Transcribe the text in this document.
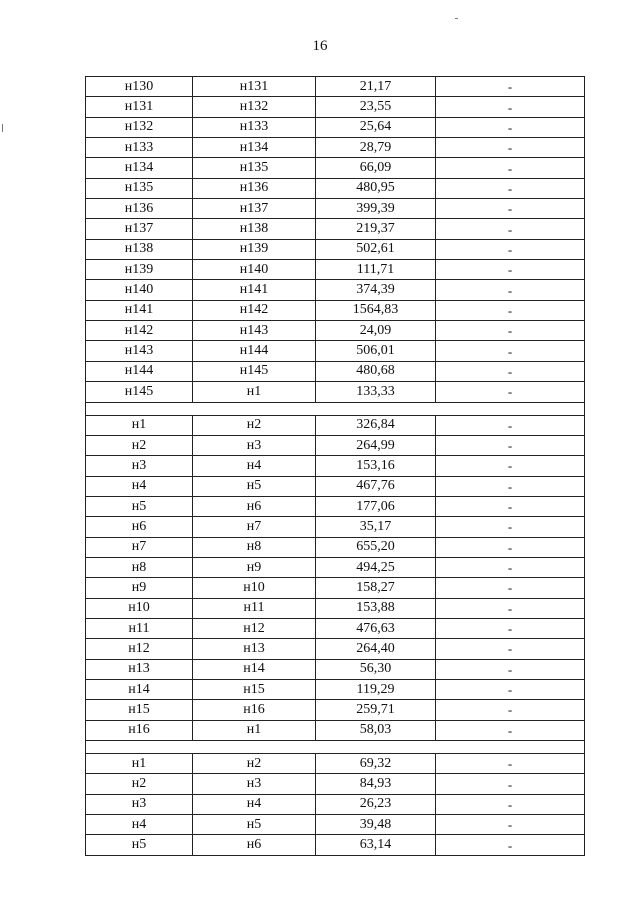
16
н130	н131	21,17	-
н131	н132	23,55	-
н132	н133	25,64	-
н133	н134	28,79	-
н134	н135	66,09	-
н135	н136	480,95	-
н136	н137	399,39	-
н137	н138	219,37	-
н138	н139	502,61	-
н139	н140	111,71	-
н140	н141	374,39	-
н141	н142	1564,83	-
н142	н143	24,09	-
н143	н144	506,01	-
н144	н145	480,68	-
н145	н1	133,33	-

н1	н2	326,84	-
н2	н3	264,99	-
н3	н4	153,16	-
н4	н5	467,76	-
н5	н6	177,06	-
н6	н7	35,17	-
н7	н8	655,20	-
н8	н9	494,25	-
н9	н10	158,27	-
н10	н11	153,88	-
н11	н12	476,63	-
н12	н13	264,40	-
н13	н14	56,30	-
н14	н15	119,29	-
н15	н16	259,71	-
н16	н1	58,03	-

н1	н2	69,32	-
н2	н3	84,93	-
н3	н4	26,23	-
н4	н5	39,48	-
н5	н6	63,14	-
